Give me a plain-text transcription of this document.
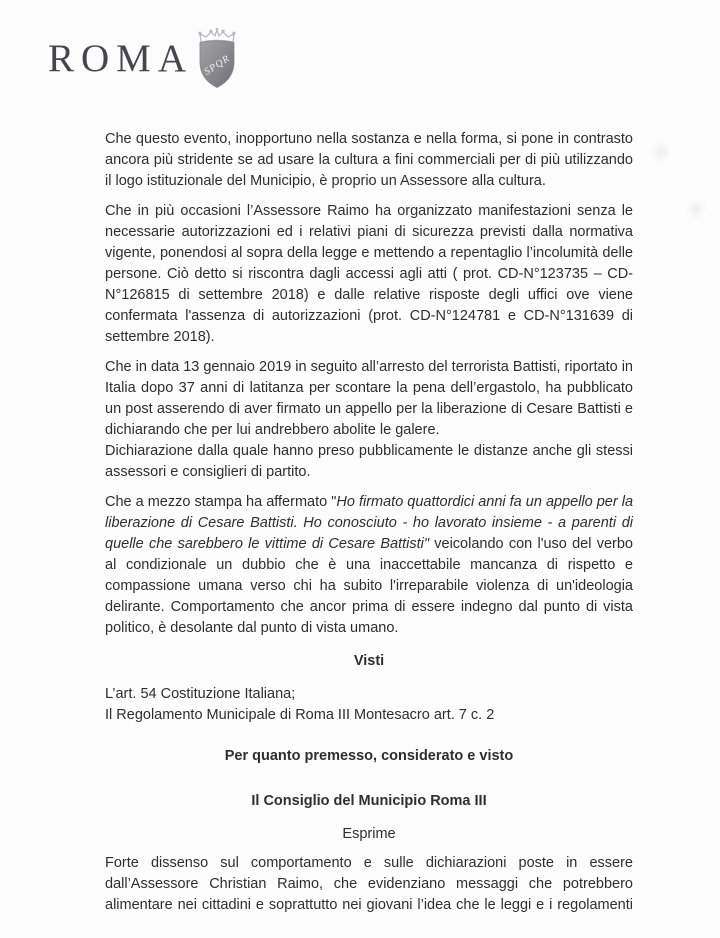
ROMA SPQR

Che questo evento, inopportuno nella sostanza e nella forma, si pone in contrasto ancora più stridente se ad usare la cultura a fini commerciali per di più utilizzando il logo istituzionale del Municipio, è proprio un Assessore alla cultura.

Che in più occasioni l’Assessore Raimo ha organizzato manifestazioni senza le necessarie autorizzazioni ed i relativi piani di sicurezza previsti dalla normativa vigente, ponendosi al sopra della legge e mettendo a repentaglio l’incolumità delle persone. Ciò detto si riscontra dagli accessi agli atti ( prot. CD-N°123735 – CD-N°126815 di settembre 2018) e dalle relative risposte degli uffici ove viene confermata l'assenza di autorizzazioni (prot. CD-N°124781 e CD-N°131639 di settembre 2018).

Che in data 13 gennaio 2019 in seguito all’arresto del terrorista Battisti, riportato in Italia dopo 37 anni di latitanza per scontare la pena dell’ergastolo, ha pubblicato un post asserendo di aver firmato un appello per la liberazione di Cesare Battisti e dichiarando che per lui andrebbero abolite le galere.
Dichiarazione dalla quale hanno preso pubblicamente le distanze anche gli stessi assessori e consiglieri di partito.

Che a mezzo stampa ha affermato "Ho firmato quattordici anni fa un appello per la liberazione di Cesare Battisti. Ho conosciuto - ho lavorato insieme - a parenti di quelle che sarebbero le vittime di Cesare Battisti" veicolando con l'uso del verbo al condizionale un dubbio che è una inaccettabile mancanza di rispetto e compassione umana verso chi ha subito l'irreparabile violenza di un'ideologia delirante. Comportamento che ancor prima di essere indegno dal punto di vista politico, è desolante dal punto di vista umano.

Visti
L’art. 54 Costituzione Italiana;
Il Regolamento Municipale di Roma III Montesacro art. 7 c. 2
Per quanto premesso, considerato e visto
Il Consiglio del Municipio Roma III
Esprime

Forte dissenso sul comportamento e sulle dichiarazioni poste in essere dall’Assessore Christian Raimo, che evidenziano messaggi che potrebbero alimentare nei cittadini e soprattutto nei giovani l’idea che le leggi e i regolamenti
